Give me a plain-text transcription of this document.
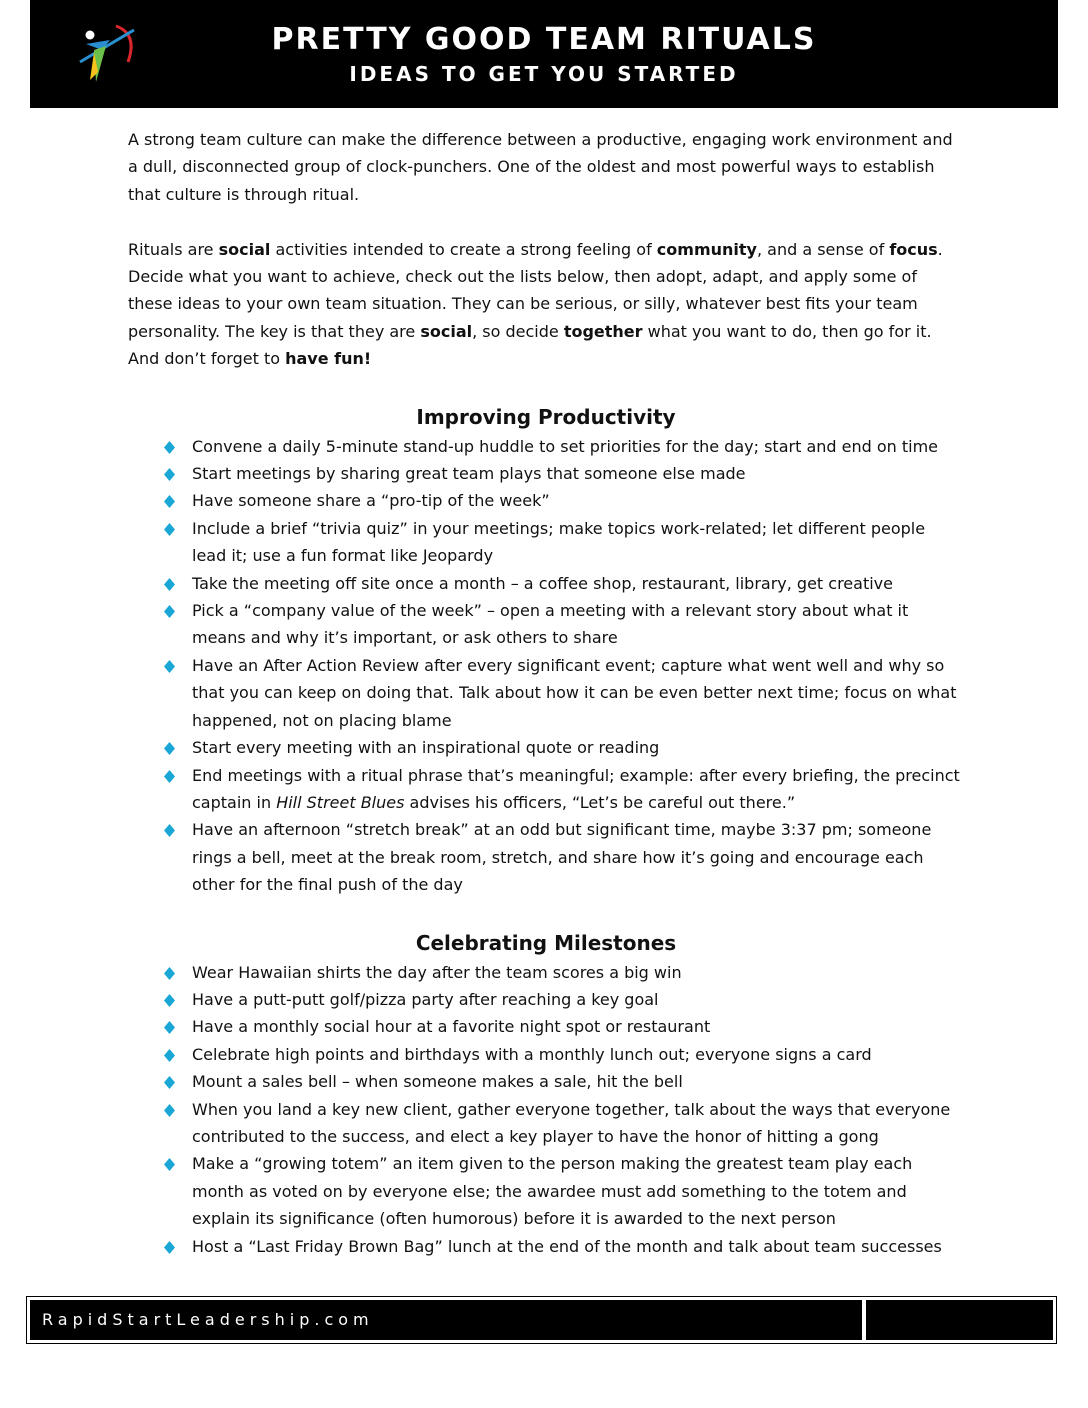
PRETTY GOOD TEAM RITUALS
IDEAS TO GET YOU STARTED

A strong team culture can make the difference between a productive, engaging work environment and a dull, disconnected group of clock-punchers. One of the oldest and most powerful ways to establish that culture is through ritual.

Rituals are social activities intended to create a strong feeling of community, and a sense of focus. Decide what you want to achieve, check out the lists below, then adopt, adapt, and apply some of these ideas to your own team situation. They can be serious, or silly, whatever best fits your team personality. The key is that they are social, so decide together what you want to do, then go for it. And don’t forget to have fun!

Improving Productivity
Convene a daily 5-minute stand-up huddle to set priorities for the day; start and end on time
Start meetings by sharing great team plays that someone else made
Have someone share a “pro-tip of the week”
Include a brief “trivia quiz” in your meetings; make topics work-related; let different people lead it; use a fun format like Jeopardy
Take the meeting off site once a month – a coffee shop, restaurant, library, get creative
Pick a “company value of the week” – open a meeting with a relevant story about what it means and why it’s important, or ask others to share
Have an After Action Review after every significant event; capture what went well and why so that you can keep on doing that. Talk about how it can be even better next time; focus on what happened, not on placing blame
Start every meeting with an inspirational quote or reading
End meetings with a ritual phrase that’s meaningful; example: after every briefing, the precinct captain in Hill Street Blues advises his officers, “Let’s be careful out there.”
Have an afternoon “stretch break” at an odd but significant time, maybe 3:37 pm; someone rings a bell, meet at the break room, stretch, and share how it’s going and encourage each other for the final push of the day
Celebrating Milestones
Wear Hawaiian shirts the day after the team scores a big win
Have a putt-putt golf/pizza party after reaching a key goal
Have a monthly social hour at a favorite night spot or restaurant
Celebrate high points and birthdays with a monthly lunch out; everyone signs a card
Mount a sales bell – when someone makes a sale, hit the bell
When you land a key new client, gather everyone together, talk about the ways that everyone contributed to the success, and elect a key player to have the honor of hitting a gong
Make a “growing totem” an item given to the person making the greatest team play each month as voted on by everyone else; the awardee must add something to the totem and explain its significance (often humorous) before it is awarded to the next person
Host a “Last Friday Brown Bag” lunch at the end of the month and talk about team successes
RapidStartLeadership.com
